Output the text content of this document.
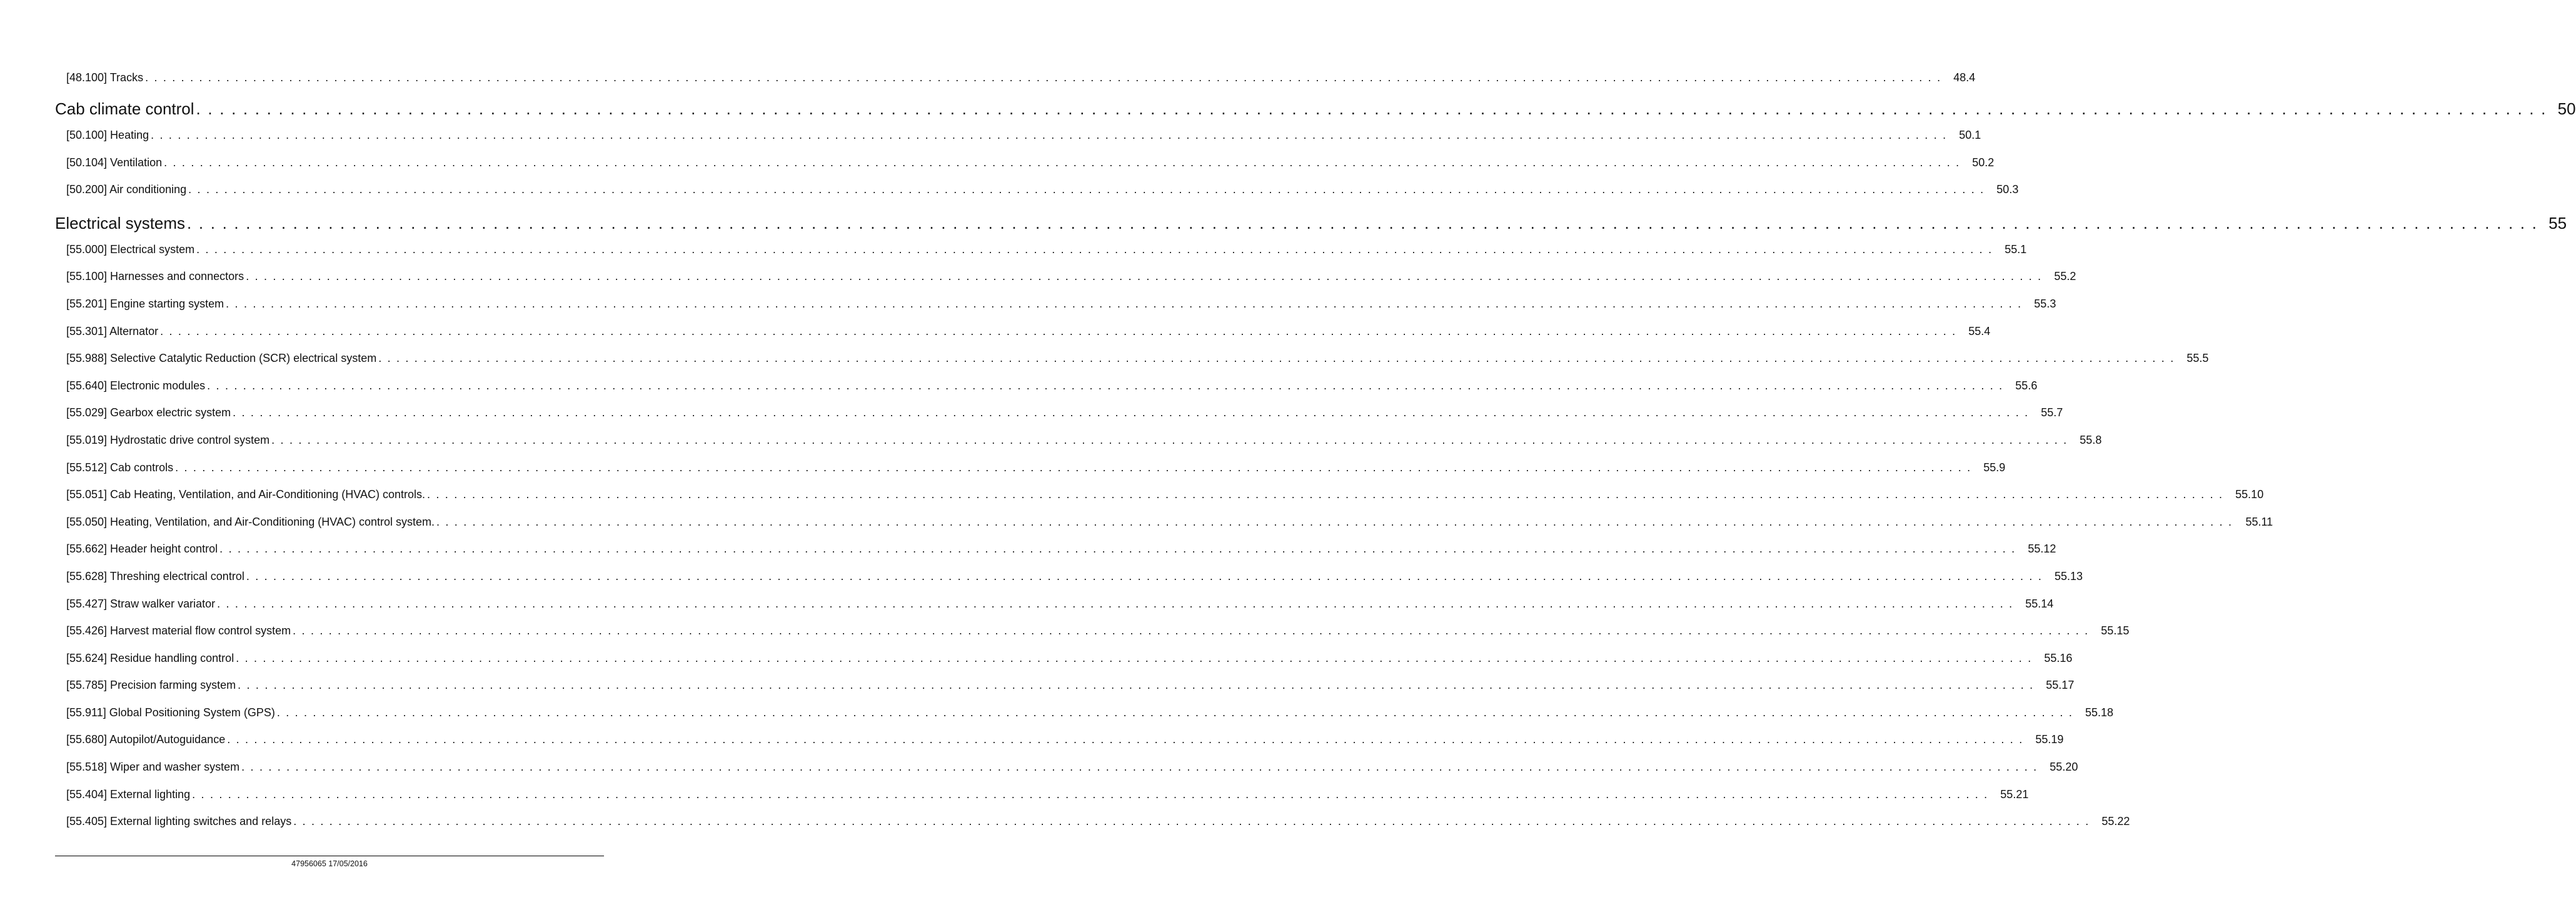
[48.100] Tracks . . . . . . . . . . . . . . . . . . . . . . . . . . . . . . . . . . . . . . . . . . . . . . . . . . . . . . . . . . . . . . . . . . . . . . . . . . . . . . . . . . . . . . . . . . . . . . . . . . . . . . . . . . . . . . . . . . . . . . . . . . . . . . . . . . . . . . . . . . . . . . . . . . . . . . . . . . . . . . . . . . . . . . . . . . . . . . . . . . . . . . . . . . . . . . . . . . . . . . . .	48.4
Cab climate control . . . . . . . . . . . . . . . . . . . . . . . . . . . . . . . . . . . . . . . . . . . . . . . . . . . . . . . . . . . . . . . . . . . . . . . . . . . . . . . . . . . . . . . . . . . . . . . . . . . . . . . . . . . . . . . . . . . . . . . . . . . . . . . . . . . . . . . . . . . . . . . . . . . . . . . . . . . . . . . . . . . . . . . . . . . . . . . . . . . . . . . . . . . . . . . . . . . . . . . . 50
[50.100] Heating . . . . . . . . . . . . . . . . . . . . . . . . . . . . . . . . . . . . . . . . . . . . . . . . . . . . . . . . . . . . . . . . . . . . . . . . . . . . . . . . . . . . . . . . . . . . . . . . . . . . . . . . . . . . . . . . . . . . . . . . . . . . . . . . . . . . . . . . . . . . . . . . . . . . . . . . . . . . . . . . . . . . . . . . . . . . . . . . . . . . . . . . . . . . . . . . . . . . . . . .	50.1
[50.104] Ventilation . . . . . . . . . . . . . . . . . . . . . . . . . . . . . . . . . . . . . . . . . . . . . . . . . . . . . . . . . . . . . . . . . . . . . . . . . . . . . . . . . . . . . . . . . . . . . . . . . . . . . . . . . . . . . . . . . . . . . . . . . . . . . . . . . . . . . . . . . . . . . . . . . . . . . . . . . . . . . . . . . . . . . . . . . . . . . . . . . . . . . . . . . . . . . . . . . . . . . . . .	50.2
[50.200] Air conditioning . . . . . . . . . . . . . . . . . . . . . . . . . . . . . . . . . . . . . . . . . . . . . . . . . . . . . . . . . . . . . . . . . . . . . . . . . . . . . . . . . . . . . . . . . . . . . . . . . . . . . . . . . . . . . . . . . . . . . . . . . . . . . . . . . . . . . . . . . . . . . . . . . . . . . . . . . . . . . . . . . . . . . . . . . . . . . . . . . . . . . . . . . . . . . . . . . . . . . . . .	50.3
Electrical systems . . . . . . . . . . . . . . . . . . . . . . . . . . . . . . . . . . . . . . . . . . . . . . . . . . . . . . . . . . . . . . . . . . . . . . . . . . . . . . . . . . . . . . . . . . . . . . . . . . . . . . . . . . . . . . . . . . . . . . . . . . . . . . . . . . . . . . . . . . . . . . . . . . . . . . . . . . . . . . . . . . . . . . . . . . . . . . . . . . . . . . . . . . . . . . . . . . . . . . . . 55
[55.000] Electrical system . . . . . . . . . . . . . . . . . . . . . . . . . . . . . . . . . . . . . . . . . . . . . . . . . . . . . . . . . . . . . . . . . . . . . . . . . . . . . . . . . . . . . . . . . . . . . . . . . . . . . . . . . . . . . . . . . . . . . . . . . . . . . . . . . . . . . . . . . . . . . . . . . . . . . . . . . . . . . . . . . . . . . . . . . . . . . . . . . . . . . . . . . . . . . . . . . . . . . . . .	55.1
[55.100] Harnesses and connectors . . . . . . . . . . . . . . . . . . . . . . . . . . . . . . . . . . . . . . . . . . . . . . . . . . . . . . . . . . . . . . . . . . . . . . . . . . . . . . . . . . . . . . . . . . . . . . . . . . . . . . . . . . . . . . . . . . . . . . . . . . . . . . . . . . . . . . . . . . . . . . . . . . . . . . . . . . . . . . . . . . . . . . . . . . . . . . . . . . . . . . . . . . . . . . . . . . . . . . . .	55.2
[55.201] Engine starting system . . . . . . . . . . . . . . . . . . . . . . . . . . . . . . . . . . . . . . . . . . . . . . . . . . . . . . . . . . . . . . . . . . . . . . . . . . . . . . . . . . . . . . . . . . . . . . . . . . . . . . . . . . . . . . . . . . . . . . . . . . . . . . . . . . . . . . . . . . . . . . . . . . . . . . . . . . . . . . . . . . . . . . . . . . . . . . . . . . . . . . . . . . . . . . . . . . . . . . . .	55.3
[55.301] Alternator . . . . . . . . . . . . . . . . . . . . . . . . . . . . . . . . . . . . . . . . . . . . . . . . . . . . . . . . . . . . . . . . . . . . . . . . . . . . . . . . . . . . . . . . . . . . . . . . . . . . . . . . . . . . . . . . . . . . . . . . . . . . . . . . . . . . . . . . . . . . . . . . . . . . . . . . . . . . . . . . . . . . . . . . . . . . . . . . . . . . . . . . . . . . . . . . . . . . . . . .	55.4
[55.988] Selective Catalytic Reduction (SCR) electrical system . . . . . . . . . . . . . . . . . . . . . . . . . . . . . . . . . . . . . . . . . . . . . . . . . . . . . . . . . . . . . . . . . . . . . . . . . . . . . . . . . . . . . . . . . . . . . . . . . . . . . . . . . . . . . . . . . . . . . . . . . . . . . . . . . . . . . . . . . . . . . . . . . . . . . . . . . . . . . . . . . . . . . . . . . . . . . . . . . . . . . . . . . . . . . . . . . . . . . . . .	55.5
[55.640] Electronic modules . . . . . . . . . . . . . . . . . . . . . . . . . . . . . . . . . . . . . . . . . . . . . . . . . . . . . . . . . . . . . . . . . . . . . . . . . . . . . . . . . . . . . . . . . . . . . . . . . . . . . . . . . . . . . . . . . . . . . . . . . . . . . . . . . . . . . . . . . . . . . . . . . . . . . . . . . . . . . . . . . . . . . . . . . . . . . . . . . . . . . . . . . . . . . . . . . . . . . . . .	55.6
[55.029] Gearbox electric system . . . . . . . . . . . . . . . . . . . . . . . . . . . . . . . . . . . . . . . . . . . . . . . . . . . . . . . . . . . . . . . . . . . . . . . . . . . . . . . . . . . . . . . . . . . . . . . . . . . . . . . . . . . . . . . . . . . . . . . . . . . . . . . . . . . . . . . . . . . . . . . . . . . . . . . . . . . . . . . . . . . . . . . . . . . . . . . . . . . . . . . . . . . . . . . . . . . . . . . .	55.7
[55.019] Hydrostatic drive control system . . . . . . . . . . . . . . . . . . . . . . . . . . . . . . . . . . . . . . . . . . . . . . . . . . . . . . . . . . . . . . . . . . . . . . . . . . . . . . . . . . . . . . . . . . . . . . . . . . . . . . . . . . . . . . . . . . . . . . . . . . . . . . . . . . . . . . . . . . . . . . . . . . . . . . . . . . . . . . . . . . . . . . . . . . . . . . . . . . . . . . . . . . . . . . . . . . . . . . . .	55.8
[55.512] Cab controls . . . . . . . . . . . . . . . . . . . . . . . . . . . . . . . . . . . . . . . . . . . . . . . . . . . . . . . . . . . . . . . . . . . . . . . . . . . . . . . . . . . . . . . . . . . . . . . . . . . . . . . . . . . . . . . . . . . . . . . . . . . . . . . . . . . . . . . . . . . . . . . . . . . . . . . . . . . . . . . . . . . . . . . . . . . . . . . . . . . . . . . . . . . . . . . . . . . . . . . .	55.9
[55.051] Cab Heating, Ventilation, and Air-Conditioning (HVAC) controls. . . . . . . . . . . . . . . . . . . . . . . . . . . . . . . . . . . . . . . . . . . . . . . . . . . . . . . . . . . . . . . . . . . . . . . . . . . . . . . . . . . . . . . . . . . . . . . . . . . . . . . . . . . . . . . . . . . . . . . . . . . . . . . . . . . . . . . . . . . . . . . . . . . . . . . . . . . . . . . . . . . . . . . . . . . . . . . . . . . . . . . . . . . . . . . . . . . . . . . . .	55.10
[55.050] Heating, Ventilation, and Air-Conditioning (HVAC) control system. . . . . . . . . . . . . . . . . . . . . . . . . . . . . . . . . . . . . . . . . . . . . . . . . . . . . . . . . . . . . . . . . . . . . . . . . . . . . . . . . . . . . . . . . . . . . . . . . . . . . . . . . . . . . . . . . . . . . . . . . . . . . . . . . . . . . . . . . . . . . . . . . . . . . . . . . . . . . . . . . . . . . . . . . . . . . . . . . . . . . . . . . . . . . . . . . . . . . . . . .	55.11
[55.662] Header height control . . . . . . . . . . . . . . . . . . . . . . . . . . . . . . . . . . . . . . . . . . . . . . . . . . . . . . . . . . . . . . . . . . . . . . . . . . . . . . . . . . . . . . . . . . . . . . . . . . . . . . . . . . . . . . . . . . . . . . . . . . . . . . . . . . . . . . . . . . . . . . . . . . . . . . . . . . . . . . . . . . . . . . . . . . . . . . . . . . . . . . . . . . . . . . . . . . . . . . . .	55.12
[55.628] Threshing electrical control . . . . . . . . . . . . . . . . . . . . . . . . . . . . . . . . . . . . . . . . . . . . . . . . . . . . . . . . . . . . . . . . . . . . . . . . . . . . . . . . . . . . . . . . . . . . . . . . . . . . . . . . . . . . . . . . . . . . . . . . . . . . . . . . . . . . . . . . . . . . . . . . . . . . . . . . . . . . . . . . . . . . . . . . . . . . . . . . . . . . . . . . . . . . . . . . . . . . . . . .	55.13
[55.427] Straw walker variator . . . . . . . . . . . . . . . . . . . . . . . . . . . . . . . . . . . . . . . . . . . . . . . . . . . . . . . . . . . . . . . . . . . . . . . . . . . . . . . . . . . . . . . . . . . . . . . . . . . . . . . . . . . . . . . . . . . . . . . . . . . . . . . . . . . . . . . . . . . . . . . . . . . . . . . . . . . . . . . . . . . . . . . . . . . . . . . . . . . . . . . . . . . . . . . . . . . . . . . .	55.14
[55.426] Harvest material flow control system . . . . . . . . . . . . . . . . . . . . . . . . . . . . . . . . . . . . . . . . . . . . . . . . . . . . . . . . . . . . . . . . . . . . . . . . . . . . . . . . . . . . . . . . . . . . . . . . . . . . . . . . . . . . . . . . . . . . . . . . . . . . . . . . . . . . . . . . . . . . . . . . . . . . . . . . . . . . . . . . . . . . . . . . . . . . . . . . . . . . . . . . . . . . . . . . . . . . . . . .	55.15
[55.624] Residue handling control . . . . . . . . . . . . . . . . . . . . . . . . . . . . . . . . . . . . . . . . . . . . . . . . . . . . . . . . . . . . . . . . . . . . . . . . . . . . . . . . . . . . . . . . . . . . . . . . . . . . . . . . . . . . . . . . . . . . . . . . . . . . . . . . . . . . . . . . . . . . . . . . . . . . . . . . . . . . . . . . . . . . . . . . . . . . . . . . . . . . . . . . . . . . . . . . . . . . . . . .	55.16
[55.785] Precision farming system . . . . . . . . . . . . . . . . . . . . . . . . . . . . . . . . . . . . . . . . . . . . . . . . . . . . . . . . . . . . . . . . . . . . . . . . . . . . . . . . . . . . . . . . . . . . . . . . . . . . . . . . . . . . . . . . . . . . . . . . . . . . . . . . . . . . . . . . . . . . . . . . . . . . . . . . . . . . . . . . . . . . . . . . . . . . . . . . . . . . . . . . . . . . . . . . . . . . . . . .	55.17
[55.911] Global Positioning System (GPS) . . . . . . . . . . . . . . . . . . . . . . . . . . . . . . . . . . . . . . . . . . . . . . . . . . . . . . . . . . . . . . . . . . . . . . . . . . . . . . . . . . . . . . . . . . . . . . . . . . . . . . . . . . . . . . . . . . . . . . . . . . . . . . . . . . . . . . . . . . . . . . . . . . . . . . . . . . . . . . . . . . . . . . . . . . . . . . . . . . . . . . . . . . . . . . . . . . . . . . . .	55.18
[55.680] Autopilot/Autoguidance . . . . . . . . . . . . . . . . . . . . . . . . . . . . . . . . . . . . . . . . . . . . . . . . . . . . . . . . . . . . . . . . . . . . . . . . . . . . . . . . . . . . . . . . . . . . . . . . . . . . . . . . . . . . . . . . . . . . . . . . . . . . . . . . . . . . . . . . . . . . . . . . . . . . . . . . . . . . . . . . . . . . . . . . . . . . . . . . . . . . . . . . . . . . . . . . . . . . . . . .	55.19
[55.518] Wiper and washer system . . . . . . . . . . . . . . . . . . . . . . . . . . . . . . . . . . . . . . . . . . . . . . . . . . . . . . . . . . . . . . . . . . . . . . . . . . . . . . . . . . . . . . . . . . . . . . . . . . . . . . . . . . . . . . . . . . . . . . . . . . . . . . . . . . . . . . . . . . . . . . . . . . . . . . . . . . . . . . . . . . . . . . . . . . . . . . . . . . . . . . . . . . . . . . . . . . . . . . . .	55.20
[55.404] External lighting . . . . . . . . . . . . . . . . . . . . . . . . . . . . . . . . . . . . . . . . . . . . . . . . . . . . . . . . . . . . . . . . . . . . . . . . . . . . . . . . . . . . . . . . . . . . . . . . . . . . . . . . . . . . . . . . . . . . . . . . . . . . . . . . . . . . . . . . . . . . . . . . . . . . . . . . . . . . . . . . . . . . . . . . . . . . . . . . . . . . . . . . . . . . . . . . . . . . . . . .	55.21
[55.405] External lighting switches and relays . . . . . . . . . . . . . . . . . . . . . . . . . . . . . . . . . . . . . . . . . . . . . . . . . . . . . . . . . . . . . . . . . . . . . . . . . . . . . . . . . . . . . . . . . . . . . . . . . . . . . . . . . . . . . . . . . . . . . . . . . . . . . . . . . . . . . . . . . . . . . . . . . . . . . . . . . . . . . . . . . . . . . . . . . . . . . . . . . . . . . . . . . . . . . . . . . . . . . . . .	55.22
47956065 17/05/2016
